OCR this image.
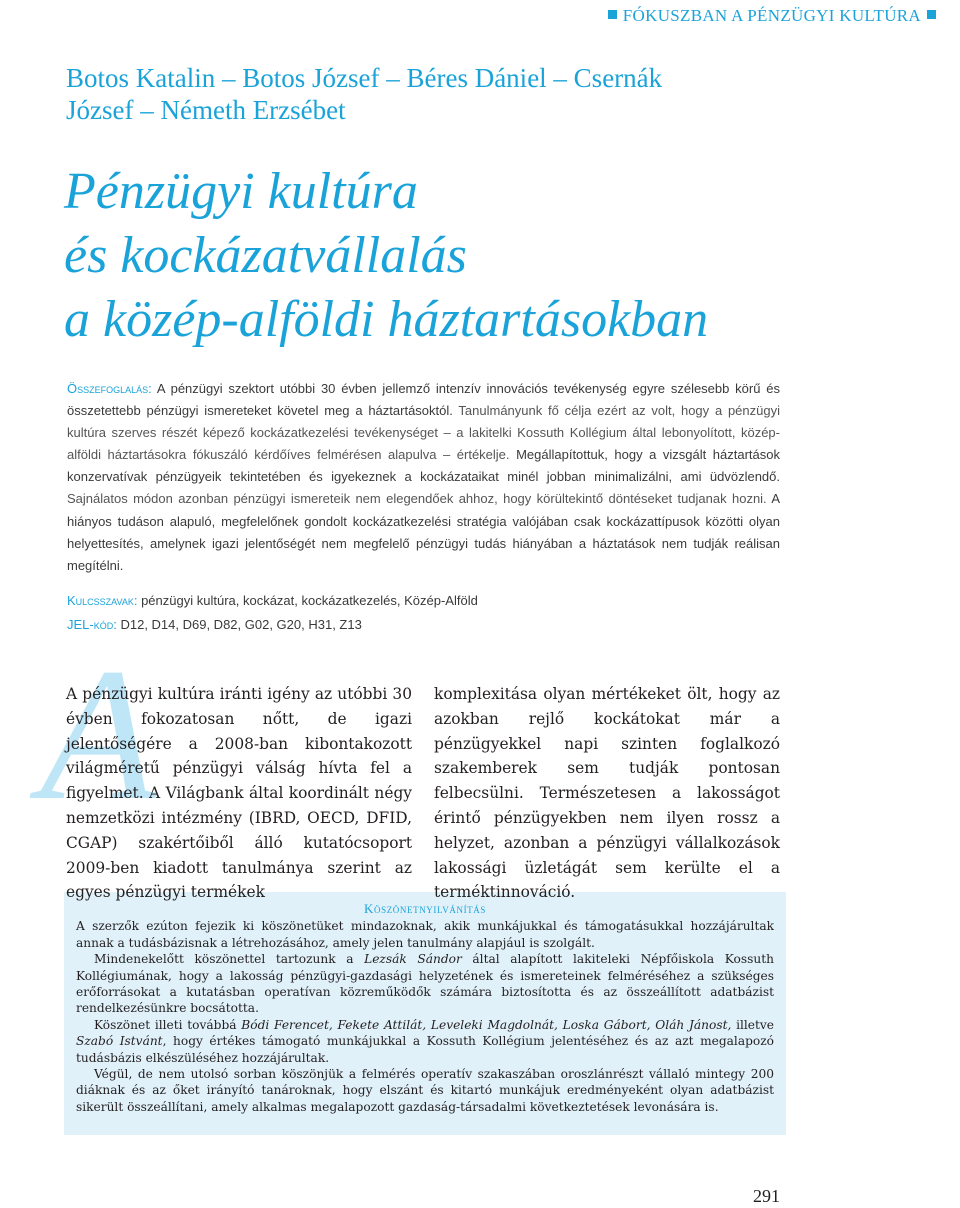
FÓKUSZBAN A PÉNZÜGYI KULTÚRA
Botos Katalin – Botos József – Béres Dániel – Csernák
József – Németh Erzsébet
Pénzügyi kultúra
és kockázatvállalás
a közép-alföldi háztartásokban
Összefoglalás: A pénzügyi szektort utóbbi 30 évben jellemző intenzív innovációs tevékenység egyre szélesebb körű és összetettebb pénzügyi ismereteket követel meg a háztartásoktól. Tanulmányunk fő célja ezért az volt, hogy a pénzügyi kultúra szerves részét képező kockázatkezelési tevékenységet – a lakitelki Kossuth Kollégium által lebonyolított, közép-alföldi háztartásokra fókuszáló kérdőíves felmérésen alapulva – értékelje. Megállapítottuk, hogy a vizsgált háztartások konzervatívak pénzügyeik tekintetében és igyekeznek a kockázataikat minél jobban minimalizálni, ami üdvözlendő. Sajnálatos módon azonban pénzügyi ismereteik nem elegendőek ahhoz, hogy körültekintő döntéseket tudjanak hozni. A hiányos tudáson alapuló, megfelelőnek gondolt kockázatkezelési stratégia valójában csak kockázattípusok közötti olyan helyettesítés, amelynek igazi jelentőségét nem megfelelő pénzügyi tudás hiányában a háztatások nem tudják reálisan megítélni.
Kulcsszavak: pénzügyi kultúra, kockázat, kockázatkezelés, Közép-Alföld
JEL-kód: D12, D14, D69, D82, G02, G20, H31, Z13
A
A pénzügyi kultúra iránti igény az utóbbi 30 évben fokozatosan nőtt, de igazi jelentőségére a 2008-ban kibontakozott világméretű pénzügyi válság hívta fel a figyelmet. A Világbank által koordinált négy nemzetközi intézmény (IBRD, OECD, DFID, CGAP) szakértőiből álló kutatócsoport 2009-ben kiadott tanulmánya szerint az egyes pénzügyi termékek
komplexitása olyan mértékeket ölt, hogy az azokban rejlő kockátokat már a pénzügyekkel napi szinten foglalkozó szakemberek sem tudják pontosan felbecsülni. Természetesen a lakosságot érintő pénzügyekben nem ilyen rossz a helyzet, azonban a pénzügyi vállalkozások lakossági üzletágát sem kerülte el a terméktinnováció.
Köszönetnyilvánítás

A szerzők ezúton fejezik ki köszönetüket mindazoknak, akik munkájukkal és támogatásukkal hozzájárultak annak a tudásbázisnak a létrehozásához, amely jelen tanulmány alapjául is szolgált.

Mindenekelőtt köszönettel tartozunk a Lezsák Sándor által alapított lakiteleki Népfőiskola Kossuth Kollégiumának, hogy a lakosság pénzügyi-gazdasági helyzetének és ismereteinek felméréséhez a szükséges erőforrásokat a kutatásban operatívan közreműködők számára biztosította és az összeállított adatbázist rendelkezésünkre bocsátotta.

Köszönet illeti továbbá Bódi Ferencet, Fekete Attilát, Leveleki Magdolnát, Loska Gábort, Oláh Jánost, illetve Szabó Istvánt, hogy értékes támogató munkájukkal a Kossuth Kollégium jelentéséhez és az azt megalapozó tudásbázis elkészüléséhez hozzájárultak.

Végül, de nem utolsó sorban köszönjük a felmérés operatív szakaszában oroszlánrészt vállaló mintegy 200 diáknak és az őket irányító tanároknak, hogy elszánt és kitartó munkájuk eredményeként olyan adatbázist sikerült összeállítani, amely alkalmas megalapozott gazdaság-társadalmi következtetések levonására is.

291
